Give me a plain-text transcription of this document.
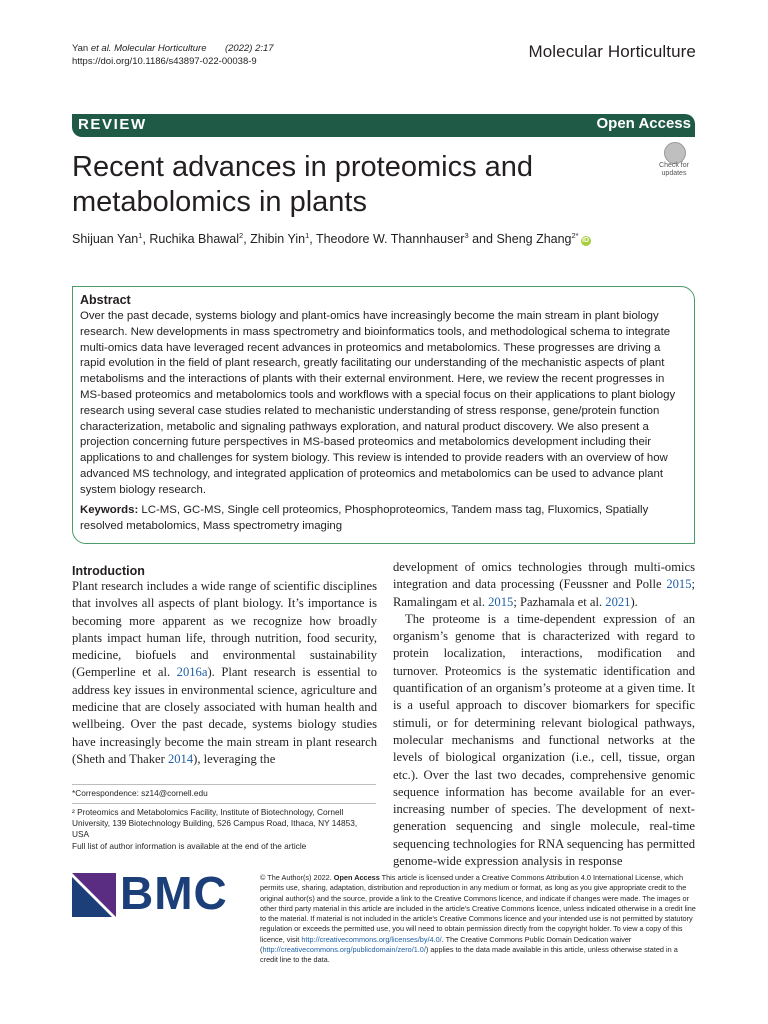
Yan et al. Molecular Horticulture (2022) 2:17
https://doi.org/10.1186/s43897-022-00038-9
Molecular Horticulture
REVIEW	Open Access
Recent advances in proteomics and metabolomics in plants
Check for
updates
Shijuan Yan$^1$, Ruchika Bhawal$^2$, Zhibin Yin$^1$, Theodore W. Thannhauser$^3$ and Sheng Zhang$^{2*}$iD
Abstract
Over the past decade, systems biology and plant-omics have increasingly become the main stream in plant biology research. New developments in mass spectrometry and bioinformatics tools, and methodological schema to integrate multi-omics data have leveraged recent advances in proteomics and metabolomics. These progresses are driving a rapid evolution in the field of plant research, greatly facilitating our understanding of the mechanistic aspects of plant metabolisms and the interactions of plants with their external environment. Here, we review the recent progresses in MS-based proteomics and metabolomics tools and workflows with a special focus on their applications to plant biology research using several case studies related to mechanistic understanding of stress response, gene/protein function characterization, metabolic and signaling pathways exploration, and natural product discovery. We also present a projection concerning future perspectives in MS-based proteomics and metabolomics development including their applications to and challenges for system biology. This review is intended to provide readers with an overview of how advanced MS technology, and integrated application of proteomics and metabolomics can be used to advance plant system biology research.
Keywords: LC-MS, GC-MS, Single cell proteomics, Phosphoproteomics, Tandem mass tag, Fluxomics, Spatially resolved metabolomics, Mass spectrometry imaging
Introduction
Plant research includes a wide range of scientific disciplines that involves all aspects of plant biology. It’s importance is becoming more apparent as we recognize how broadly plants impact human life, through nutrition, food security, medicine, biofuels and environmental sustainability (Gemperline et al. 2016a). Plant research is essential to address key issues in environmental science, agriculture and medicine that are closely associated with human health and wellbeing. Over the past decade, systems biology studies have increasingly become the main stream in plant research (Sheth and Thaker 2014), leveraging the
development of omics technologies through multi-omics integration and data processing (Feussner and Polle 2015; Ramalingam et al. 2015; Pazhamala et al. 2021).
The proteome is a time-dependent expression of an organism’s genome that is characterized with regard to protein localization, interactions, modification and turnover. Proteomics is the systematic identification and quantification of an organism’s proteome at a given time. It is a useful approach to discover biomarkers for specific stimuli, or for determining relevant biological pathways, molecular mechanisms and functional networks at the levels of biological organization (i.e., cell, tissue, organ etc.). Over the last two decades, comprehensive genomic sequence information has become available for an ever-increasing number of species. The development of next-generation sequencing and single molecule, real-time sequencing technologies for RNA sequencing has permitted genome-wide expression analysis in response
*Correspondence: sz14@cornell.edu
² Proteomics and Metabolomics Facility, Institute of Biotechnology, Cornell University, 139 Biotechnology Building, 526 Campus Road, Ithaca, NY 14853, USA
Full list of author information is available at the end of the article
BMC	© The Author(s) 2022. Open Access This article is licensed under a Creative Commons Attribution 4.0 International License, which permits use, sharing, adaptation, distribution and reproduction in any medium or format, as long as you give appropriate credit to the original author(s) and the source, provide a link to the Creative Commons licence, and indicate if changes were made. The images or other third party material in this article are included in the article’s Creative Commons licence, unless indicated otherwise in a credit line to the material. If material is not included in the article’s Creative Commons licence and your intended use is not permitted by statutory regulation or exceeds the permitted use, you will need to obtain permission directly from the copyright holder. To view a copy of this licence, visit http://creativecommons.org/licenses/by/4.0/. The Creative Commons Public Domain Dedication waiver (http://creativecommons.org/publicdomain/zero/1.0/) applies to the data made available in this article, unless otherwise stated in a credit line to the data.
